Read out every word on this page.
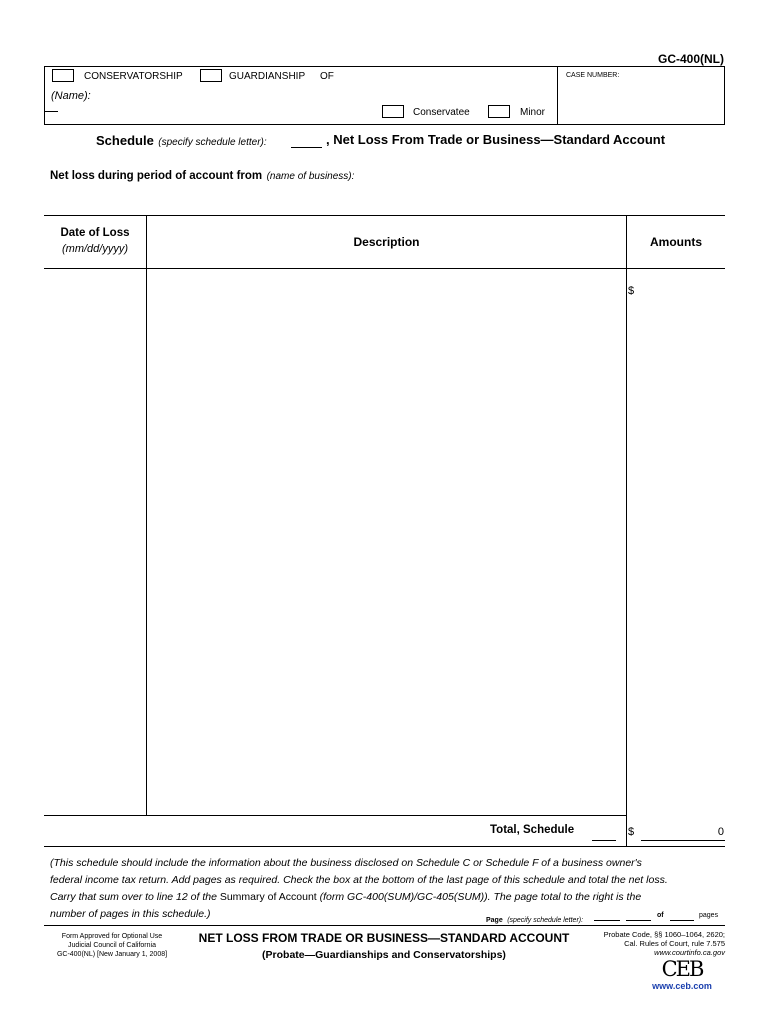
GC-400(NL)
CONSERVATORSHIP	GUARDIANSHIP OF
(Name):
Conservatee	Minor
CASE NUMBER:
Schedule (specify schedule letter):	, Net Loss From Trade or Business—Standard Account
Net loss during period of account from (name of business):
Date of Loss
(mm/dd/yyyy)	Description	Amounts
$
Total, Schedule	$	0
(This schedule should include the information about the business disclosed on Schedule C or Schedule F of a business owner's
federal income tax return. Add pages as required. Check the box at the bottom of the last page of this schedule and total the net loss.
Carry that sum over to line 12 of the Summary of Account (form GC-400(SUM)/GC-405(SUM)). The page total to the right is the
number of pages in this schedule.)
Page (specify schedule letter):
of	pages
Form Approved for Optional Use
Judicial Council of California
GC-400(NL) [New January 1, 2008]
NET LOSS FROM TRADE OR BUSINESS—STANDARD ACCOUNT
(Probate—Guardianships and Conservatorships)
Probate Code, §§ 1060–1064, 2620;
Cal. Rules of Court, rule 7.575
www.courtinfo.ca.gov
CEB
www.ceb.com
